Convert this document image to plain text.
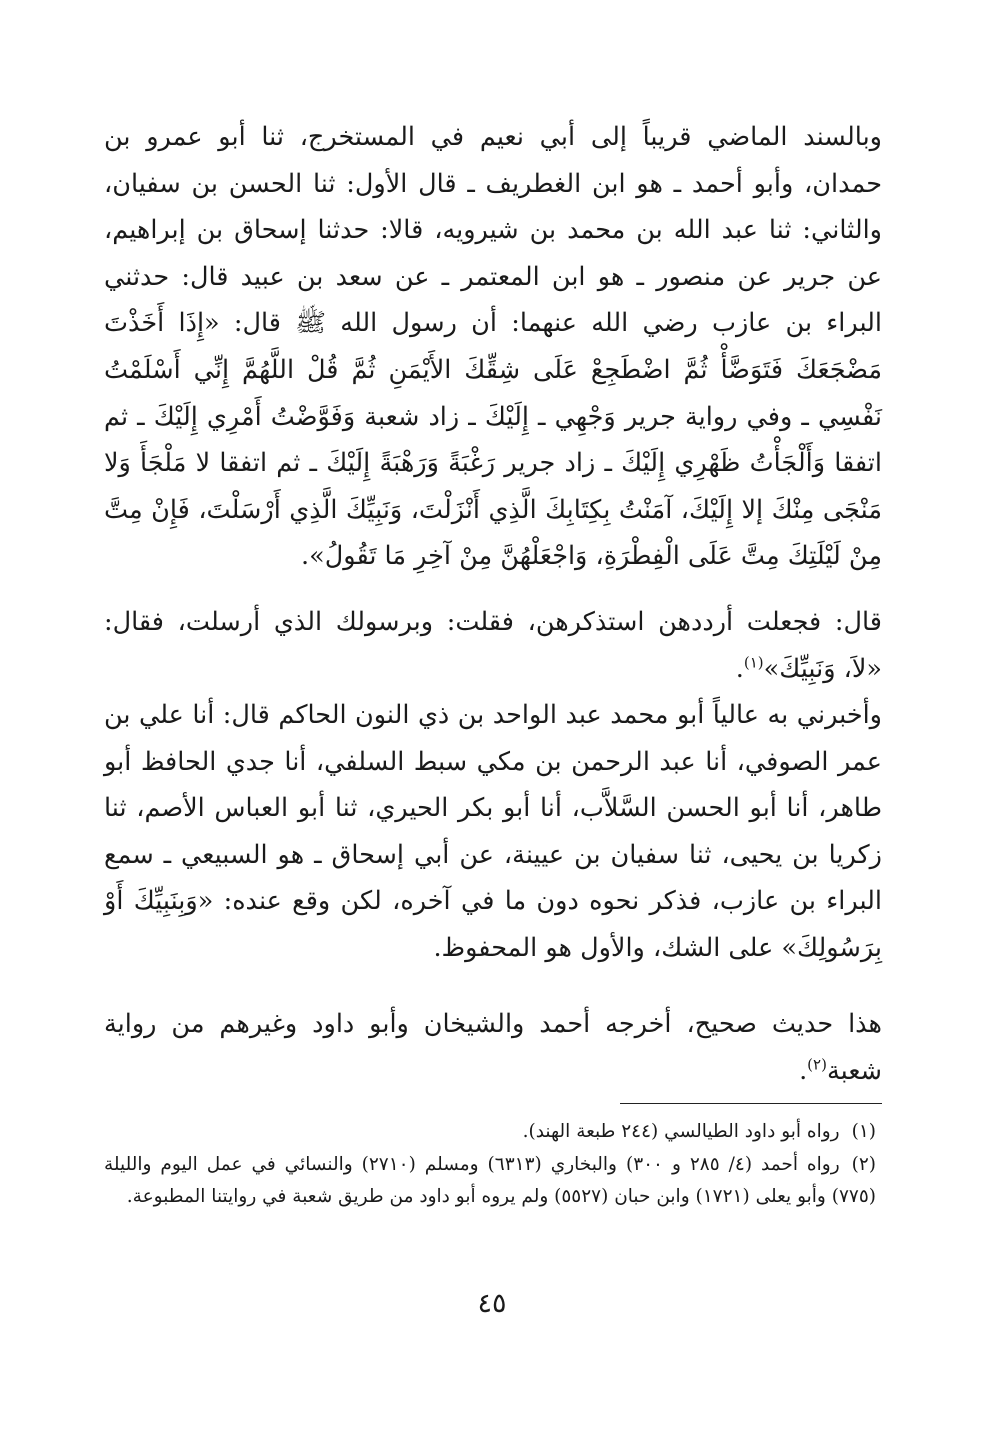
وبالسند الماضي قريباً إلى أبي نعيم في المستخرج، ثنا أبو عمرو بن حمدان، وأبو أحمد ـ هو ابن الغطريف ـ قال الأول: ثنا الحسن بن سفيان، والثاني: ثنا عبد الله بن محمد بن شيرويه، قالا: حدثنا إسحاق بن إبراهيم، عن جرير عن منصور ـ هو ابن المعتمر ـ عن سعد بن عبيد قال: حدثني البراء بن عازب رضي الله عنهما: أن رسول الله ﷺ قال: «إِذَا أَخَذْتَ مَضْجَعَكَ فَتَوَضَّأْ ثُمَّ اضْطَجِعْ عَلَى شِقِّكَ الأَيْمَنِ ثُمَّ قُلْ اللَّهُمَّ إِنِّي أَسْلَمْتُ نَفْسِي ـ وفي رواية جرير وَجْهِي ـ إِلَيْكَ ـ زاد شعبة وَفَوَّضْتُ أَمْرِي إِلَيْكَ ـ ثم اتفقا وَأَلْجَأْتُ ظَهْرِي إِلَيْكَ ـ زاد جرير رَغْبَةً وَرَهْبَةً إِلَيْكَ ـ ثم اتفقا لا مَلْجَأَ وَلا مَنْجَى مِنْكَ إلا إِلَيْكَ، آمَنْتُ بِكِتَابِكَ الَّذِي أَنْزَلْتَ، وَنَبِيِّكَ الَّذِي أَرْسَلْتَ، فَإِنْ مِتَّ مِنْ لَيْلَتِكَ مِتَّ عَلَى الْفِطْرَةِ، وَاجْعَلْهُنَّ مِنْ آخِرِ مَا تَقُولُ».

قال: فجعلت أرددهن استذكرهن، فقلت: وبرسولك الذي أرسلت، فقال: «لاَ، وَنَبِيِّكَ»$^{(١)}$.

وأخبرني به عالياً أبو محمد عبد الواحد بن ذي النون الحاكم قال: أنا علي بن عمر الصوفي، أنا عبد الرحمن بن مكي سبط السلفي، أنا جدي الحافظ أبو طاهر، أنا أبو الحسن السَّلاَّب، أنا أبو بكر الحيري، ثنا أبو العباس الأصم، ثنا زكريا بن يحيى، ثنا سفيان بن عيينة، عن أبي إسحاق ـ هو السبيعي ـ سمع البراء بن عازب، فذكر نحوه دون ما في آخره، لكن وقع عنده: «وَبِنَبِيِّكَ أَوْ بِرَسُولِكَ» على الشك، والأول هو المحفوظ.

هذا حديث صحيح، أخرجه أحمد والشيخان وأبو داود وغيرهم من رواية شعبة$^{(٢)}$.

(١)رواه أبو داود الطيالسي (٢٤٤ طبعة الهند).

(٢)رواه أحمد (٤/ ٢٨٥ و ٣٠٠) والبخاري (٦٣١٣) ومسلم (٢٧١٠) والنسائي في عمل اليوم والليلة (٧٧٥) وأبو يعلى (١٧٢١) وابن حبان (٥٥٢٧) ولم يروه أبو داود من طريق شعبة في روايتنا المطبوعة.

٤٥
